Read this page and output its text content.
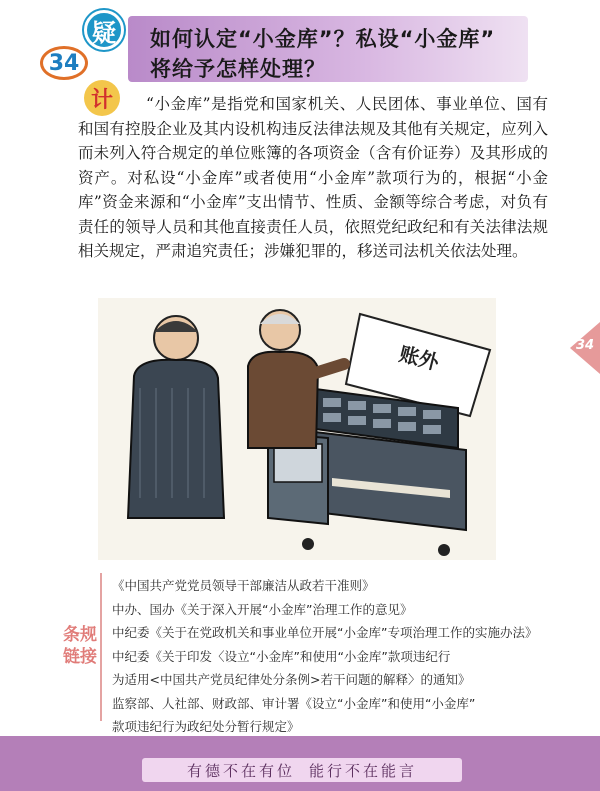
疑
34
计
如何认定“小金库”？私设“小金库”
将给予怎样处理？

“小金库”是指党和国家机关、人民团体、事业单位、国有和国有控股企业及其内设机构违反法律法规及其他有关规定，应列入而未列入符合规定的单位账簿的各项资金（含有价证券）及其形成的资产。对私设“小金库”或者使用“小金库”款项行为的，根据“小金库”资金来源和“小金库”支出情节、性质、金额等综合考虑，对负有责任的领导人员和其他直接责任人员，依照党纪政纪和有关法律法规相关规定，严肃追究责任；涉嫌犯罪的，移送司法机关依法处理。

34
账外
条规链接
《中国共产党党员领导干部廉洁从政若干准则》
中办、国办《关于深入开展“小金库”治理工作的意见》
中纪委《关于在党政机关和事业单位开展“小金库”专项治理工作的实施办法》
中纪委《关于印发〈设立“小金库”和使用“小金库”款项违纪行
为适用<中国共产党员纪律处分条例>若干问题的解释〉的通知》
监察部、人社部、财政部、审计署《设立“小金库”和使用“小金库”
款项违纪行为政纪处分暂行规定》
有德不在有位 能行不在能言
